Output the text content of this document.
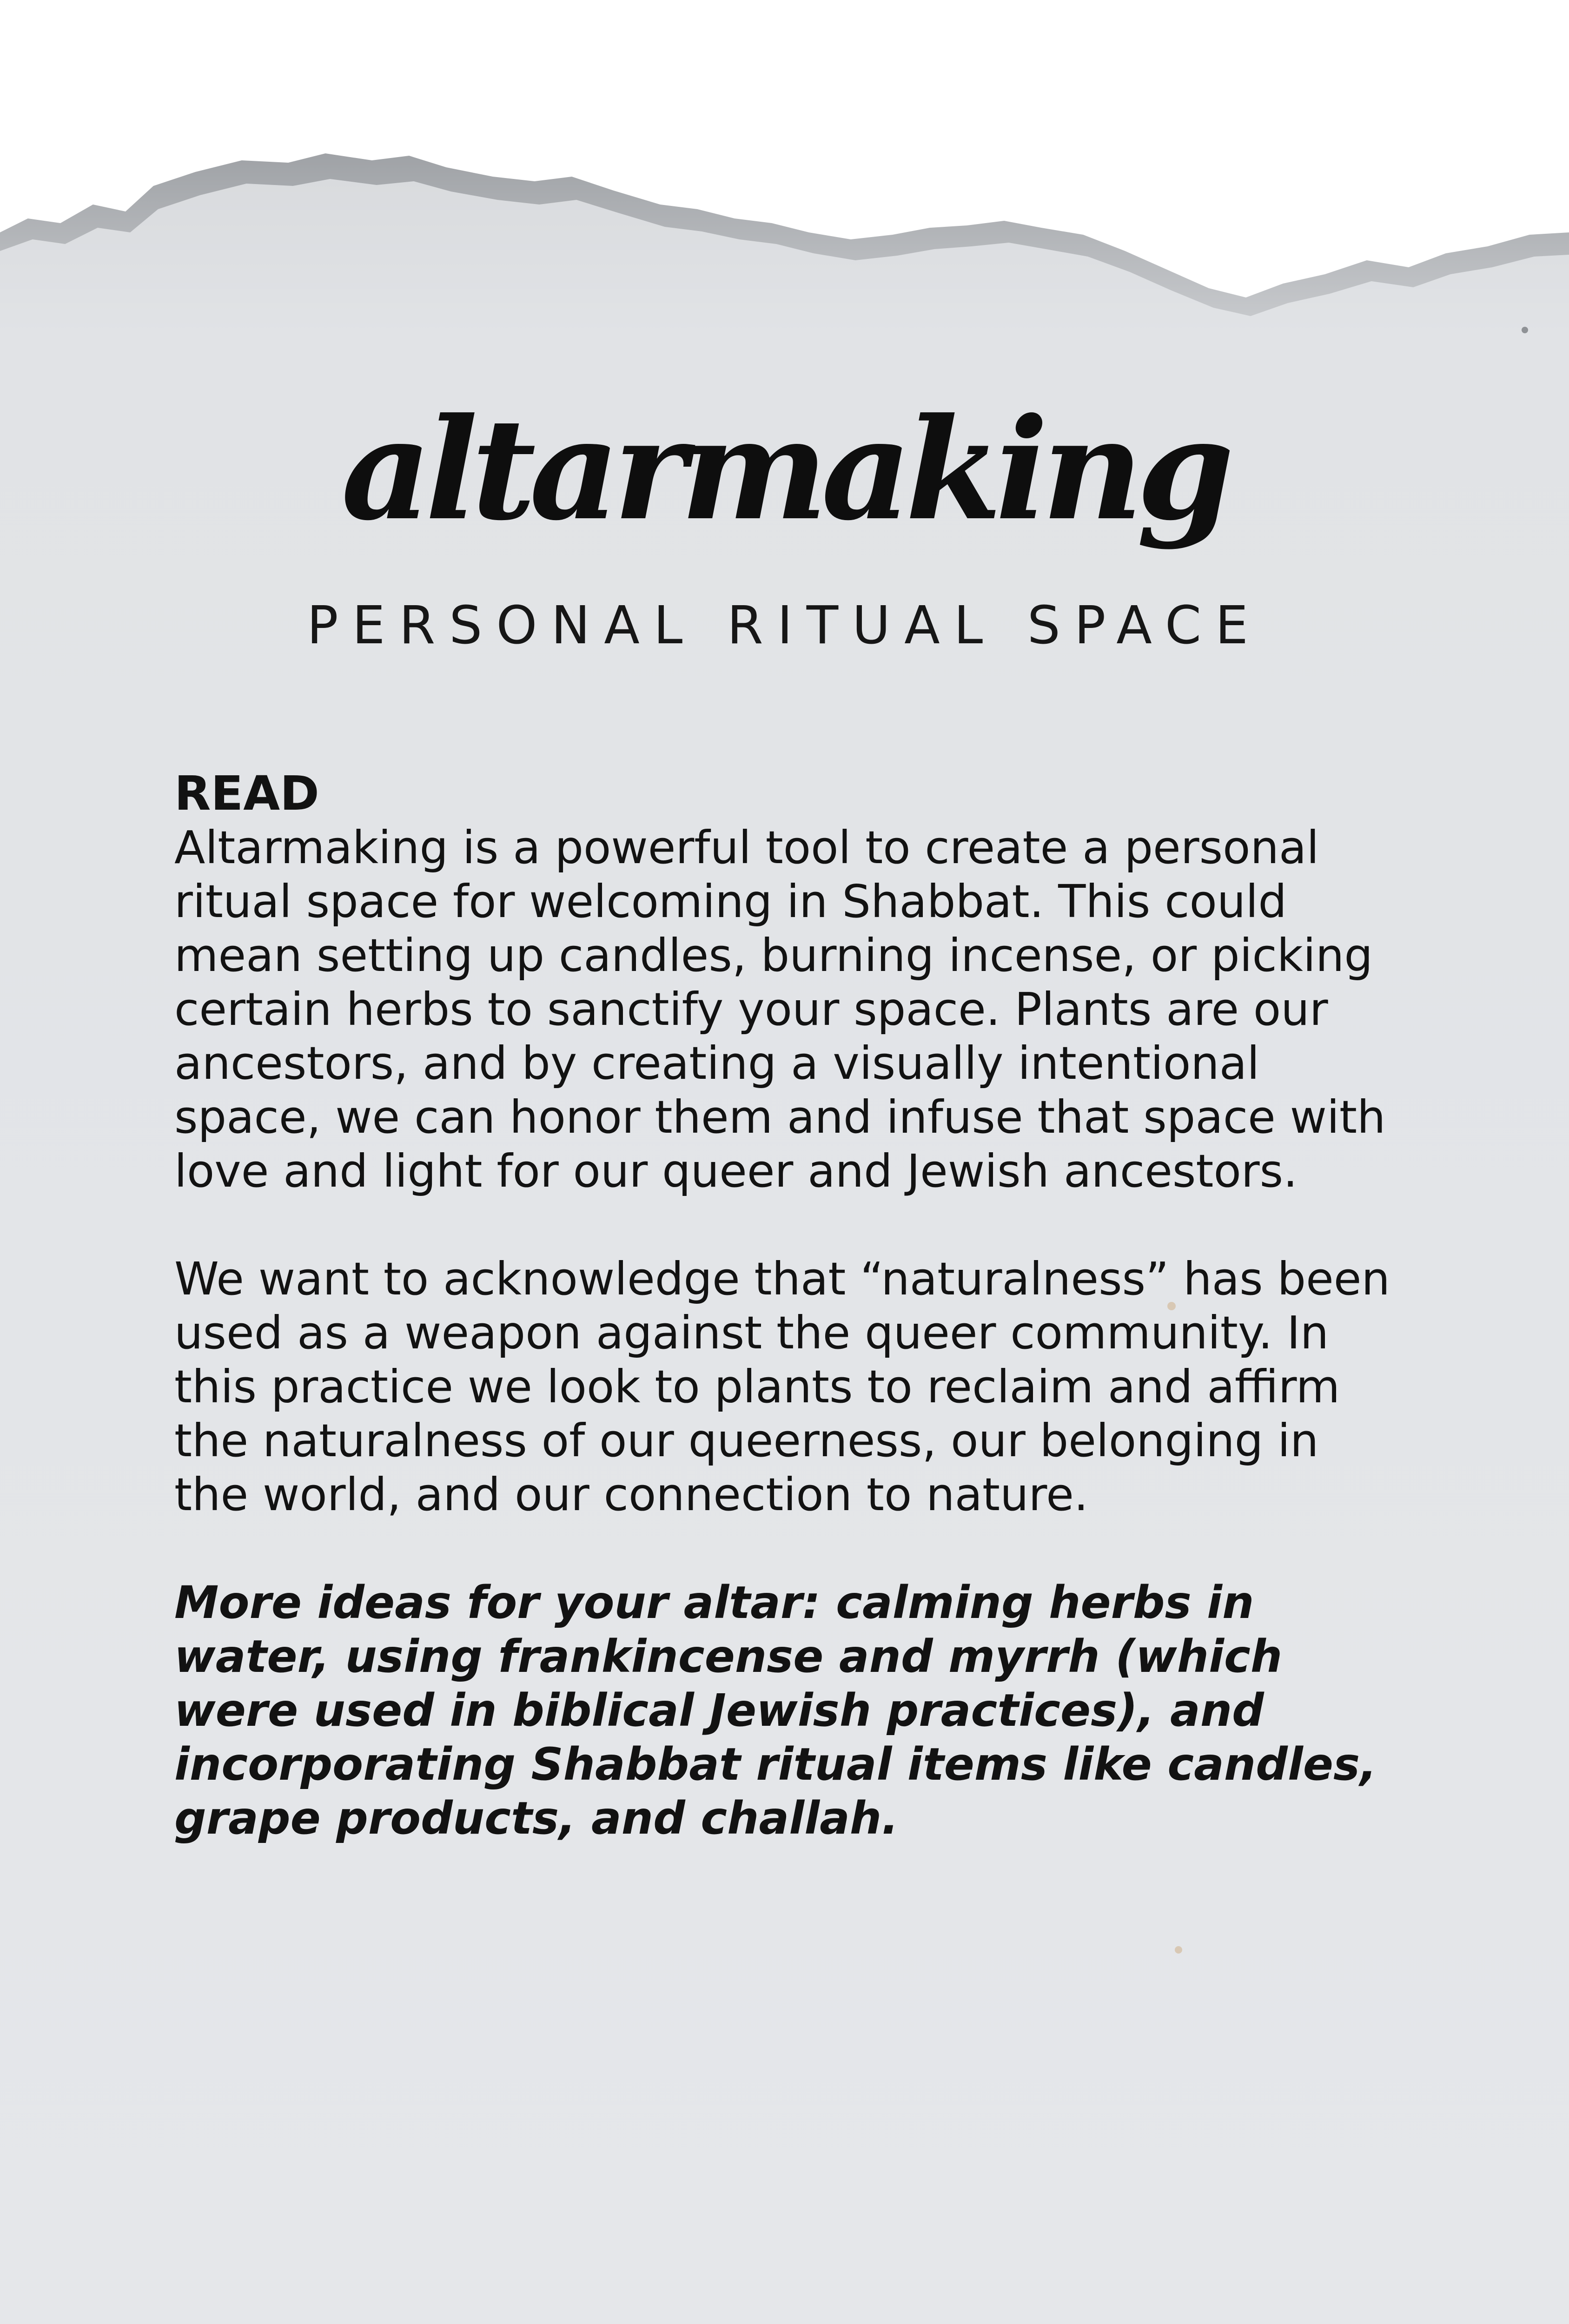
altarmaking
PERSONAL RITUAL SPACE

READ

Altarmaking is a powerful tool to create a personal ritual space for welcoming in Shabbat. This could mean setting up candles, burning incense, or picking certain herbs to sanctify your space. Plants are our ancestors, and by creating a visually intentional space, we can honor them and infuse that space with love and light for our queer and Jewish ancestors.

We want to acknowledge that “naturalness” has been used as a weapon against the queer community. In this practice we look to plants to reclaim and affirm the naturalness of our queerness, our belonging in the world, and our connection to nature.

More ideas for your altar: calming herbs in water, using frankincense and myrrh (which were used in biblical Jewish practices), and incorporating Shabbat ritual items like candles, grape products, and challah.
